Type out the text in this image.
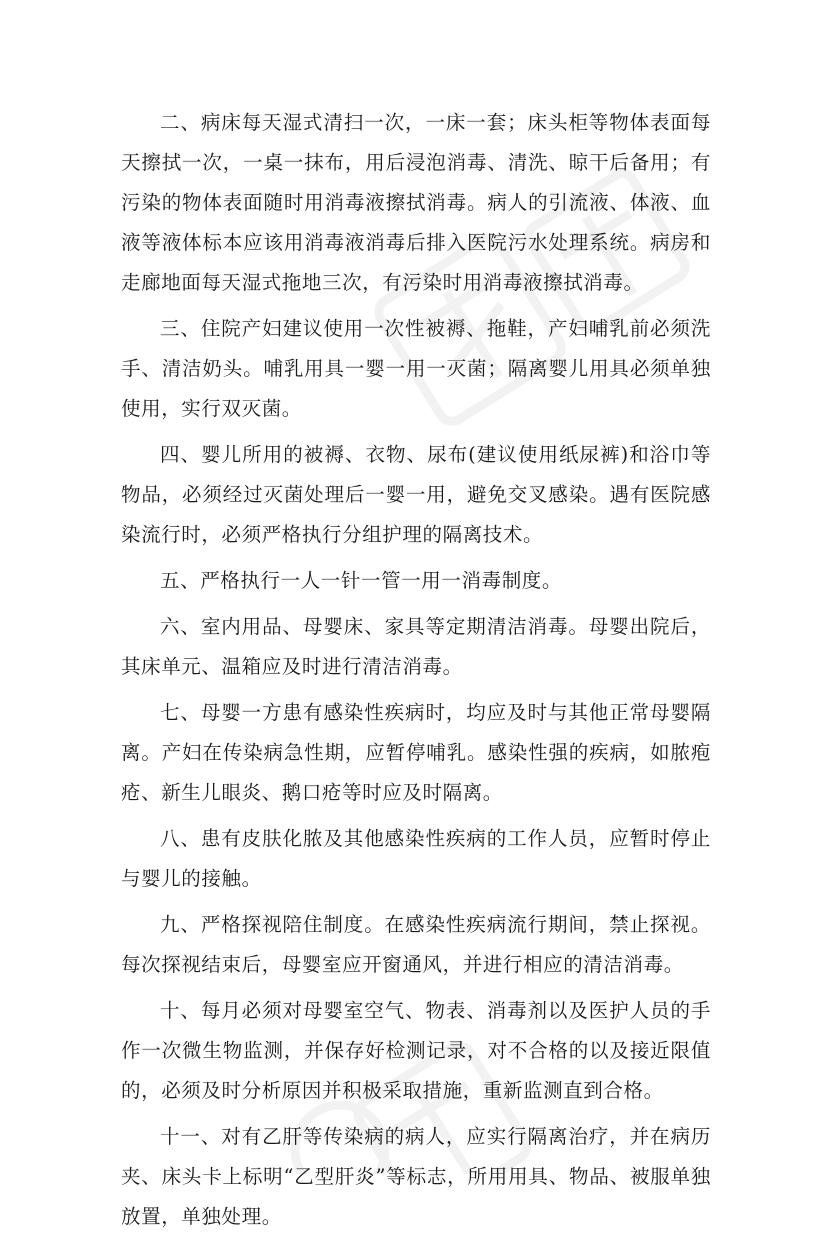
二、病床每天湿式清扫一次，一床一套；床头柜等物体表面每天擦拭一次，一桌一抹布，用后浸泡消毒、清洗、晾干后备用；有污染的物体表面随时用消毒液擦拭消毒。病人的引流液、体液、血液等液体标本应该用消毒液消毒后排入医院污水处理系统。病房和走廊地面每天湿式拖地三次，有污染时用消毒液擦拭消毒。

三、住院产妇建议使用一次性被褥、拖鞋，产妇哺乳前必须洗手、清洁奶头。哺乳用具一婴一用一灭菌；隔离婴儿用具必须单独使用，实行双灭菌。

四、婴儿所用的被褥、衣物、尿布(建议使用纸尿裤)和浴巾等物品，必须经过灭菌处理后一婴一用，避免交叉感染。遇有医院感染流行时，必须严格执行分组护理的隔离技术。

五、严格执行一人一针一管一用一消毒制度。

六、室内用品、母婴床、家具等定期清洁消毒。母婴出院后，其床单元、温箱应及时进行清洁消毒。

七、母婴一方患有感染性疾病时，均应及时与其他正常母婴隔离。产妇在传染病急性期，应暂停哺乳。感染性强的疾病，如脓疱疮、新生儿眼炎、鹅口疮等时应及时隔离。

八、患有皮肤化脓及其他感染性疾病的工作人员，应暂时停止与婴儿的接触。

九、严格探视陪住制度。在感染性疾病流行期间，禁止探视。每次探视结束后，母婴室应开窗通风，并进行相应的清洁消毒。

十、每月必须对母婴室空气、物表、消毒剂以及医护人员的手作一次微生物监测，并保存好检测记录，对不合格的以及接近限值的，必须及时分析原因并积极采取措施，重新监测直到合格。

十一、对有乙肝等传染病的病人，应实行隔离治疗，并在病历夹、床头卡上标明“乙型肝炎”等标志，所用用具、物品、被服单独放置，单独处理。
